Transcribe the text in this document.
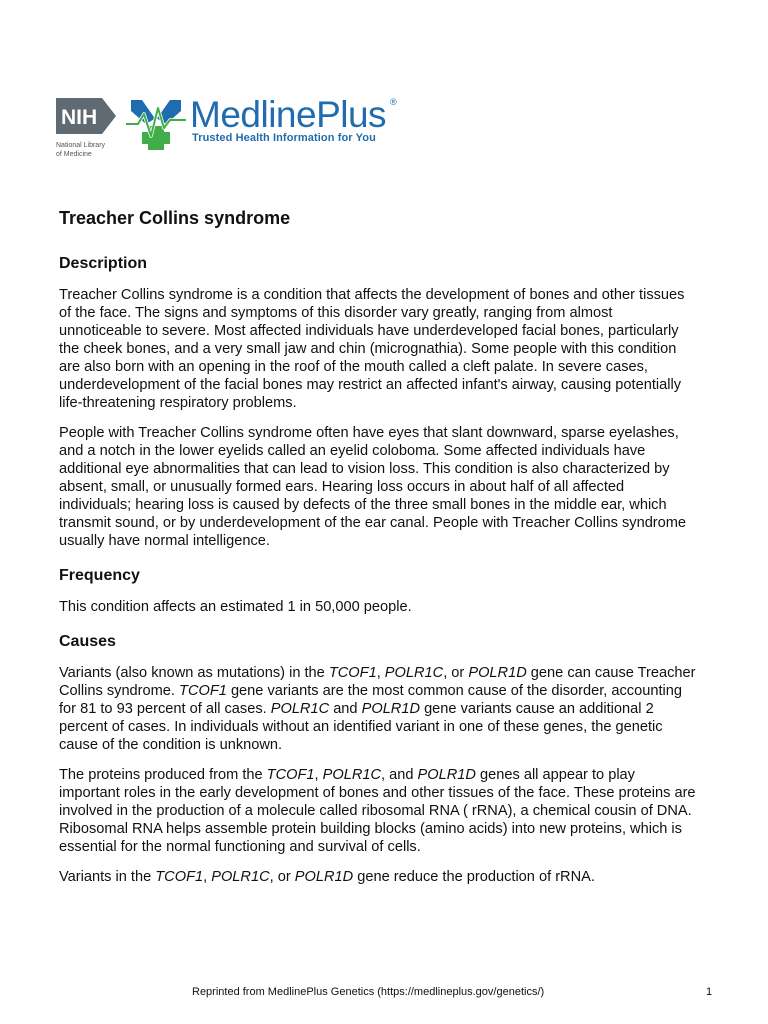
NIH
National Library
of Medicine
MedlinePlus ®
Trusted Health Information for You
Treacher Collins syndrome
Description

Treacher Collins syndrome is a condition that affects the development of bones and other tissues of the face. The signs and symptoms of this disorder vary greatly, ranging from almost unnoticeable to severe. Most affected individuals have underdeveloped facial bones, particularly the cheek bones, and a very small jaw and chin (micrognathia). Some people with this condition are also born with an opening in the roof of the mouth called a cleft palate. In severe cases, underdevelopment of the facial bones may restrict an affected infant's airway, causing potentially life-threatening respiratory problems.

People with Treacher Collins syndrome often have eyes that slant downward, sparse eyelashes, and a notch in the lower eyelids called an eyelid coloboma. Some affected individuals have additional eye abnormalities that can lead to vision loss. This condition is also characterized by absent, small, or unusually formed ears. Hearing loss occurs in about half of all affected individuals; hearing loss is caused by defects of the three small bones in the middle ear, which transmit sound, or by underdevelopment of the ear canal. People with Treacher Collins syndrome usually have normal intelligence.

Frequency

This condition affects an estimated 1 in 50,000 people.

Causes

Variants (also known as mutations) in the TCOF1, POLR1C, or POLR1D gene can cause Treacher Collins syndrome. TCOF1 gene variants are the most common cause of the disorder, accounting for 81 to 93 percent of all cases. POLR1C and POLR1D gene variants cause an additional 2 percent of cases. In individuals without an identified variant in one of these genes, the genetic cause of the condition is unknown.

The proteins produced from the TCOF1, POLR1C, and POLR1D genes all appear to play important roles in the early development of bones and other tissues of the face. These proteins are involved in the production of a molecule called ribosomal RNA ( rRNA), a chemical cousin of DNA. Ribosomal RNA helps assemble protein building blocks (amino acids) into new proteins, which is essential for the normal functioning and survival of cells.

Variants in the TCOF1, POLR1C, or POLR1D gene reduce the production of rRNA.

Reprinted from MedlinePlus Genetics (https://medlineplus.gov/genetics/)	1
